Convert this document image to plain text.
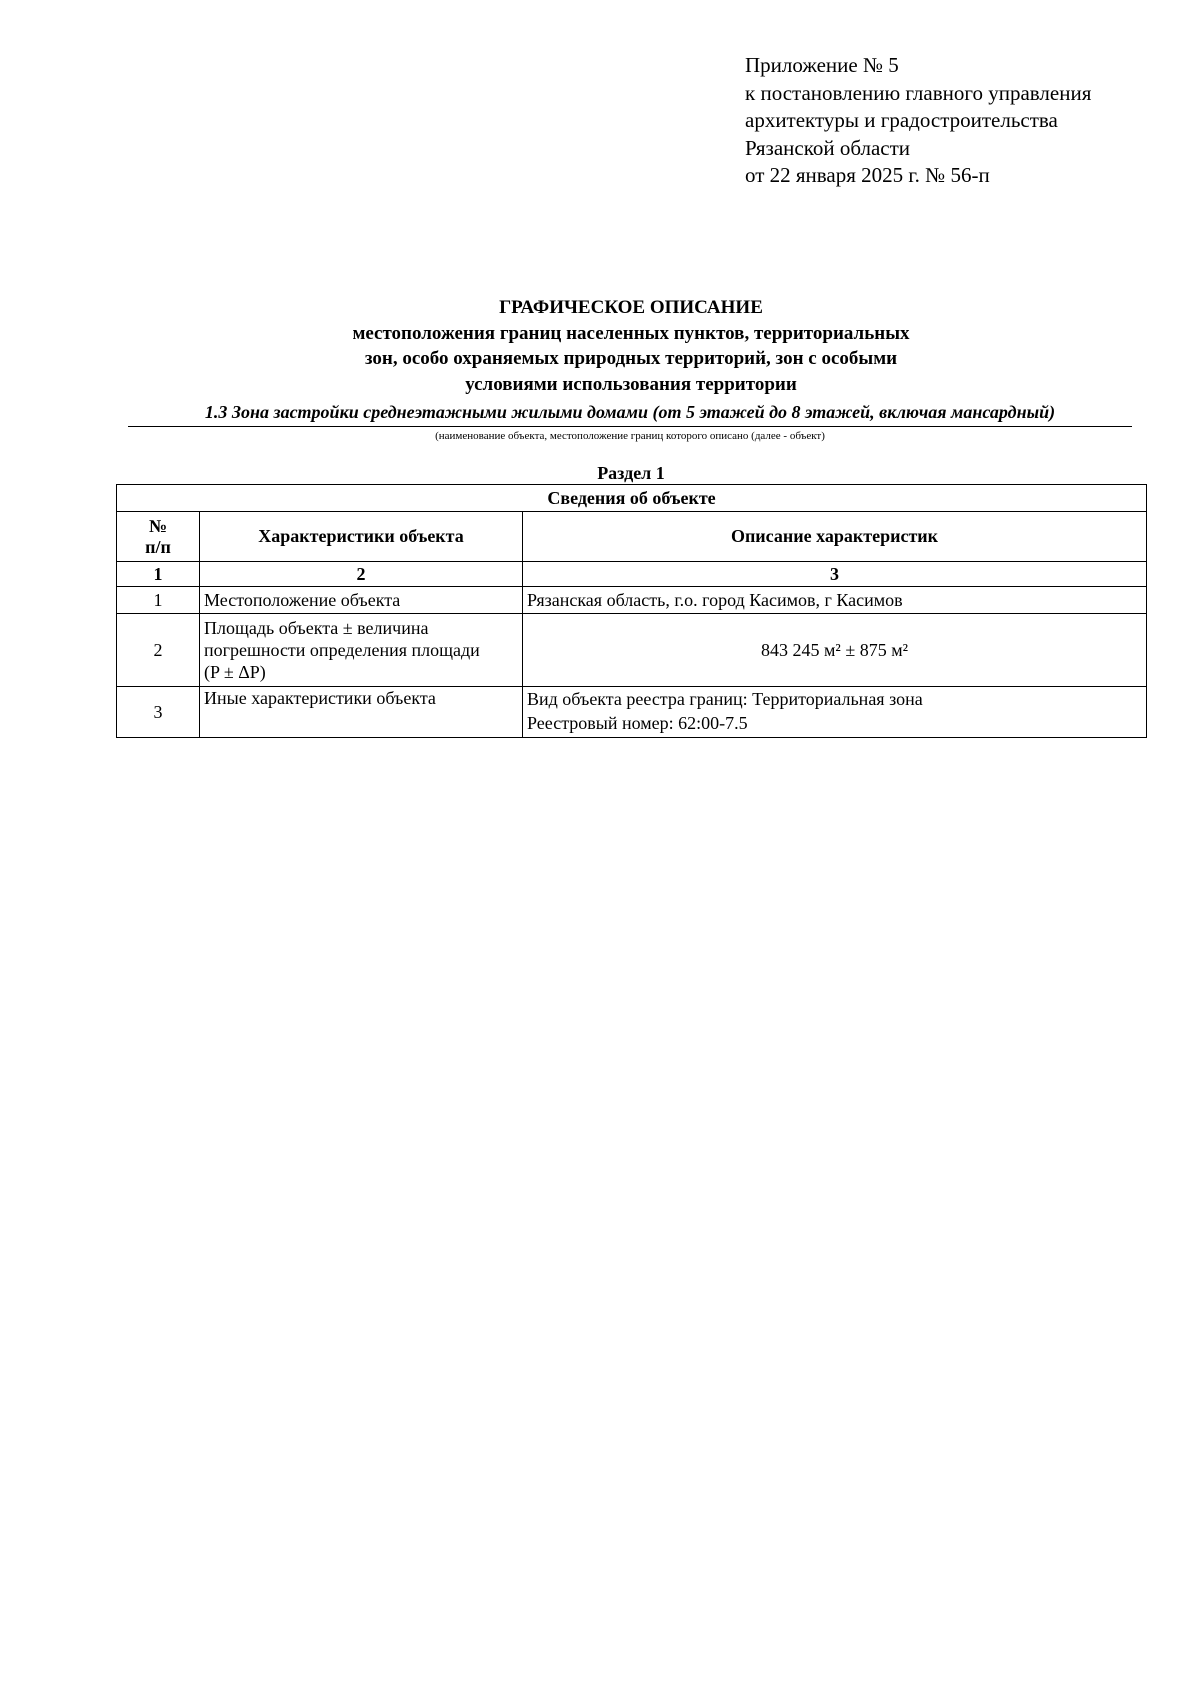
Приложение № 5
к постановлению главного управления
архитектуры и градостроительства
Рязанской области
от 22 января 2025 г. № 56-п
ГРАФИЧЕСКОЕ ОПИСАНИЕ
местоположения границ населенных пунктов, территориальных
зон, особо охраняемых природных территорий, зон с особыми
условиями использования территории
1.3 Зона застройки среднеэтажными жилыми домами (от 5 этажей до 8 этажей, включая мансардный)
(наименование объекта, местоположение границ которого описано (далее - объект)
Раздел 1
Сведения об объекте		

№
п/п	Характеристики объекта	Описание характеристик
1	2	3
1	Местоположение объекта	Рязанская область, г.о. город Касимов, г Касимов

2	Площадь объекта ± величина
погрешности определения площади
(P ± ΔP)	843 245 м² ± 875 м²

3	Иные характеристики объекта	Вид объекта реестра границ: Территориальная зона
Реестровый номер: 62:00-7.5
